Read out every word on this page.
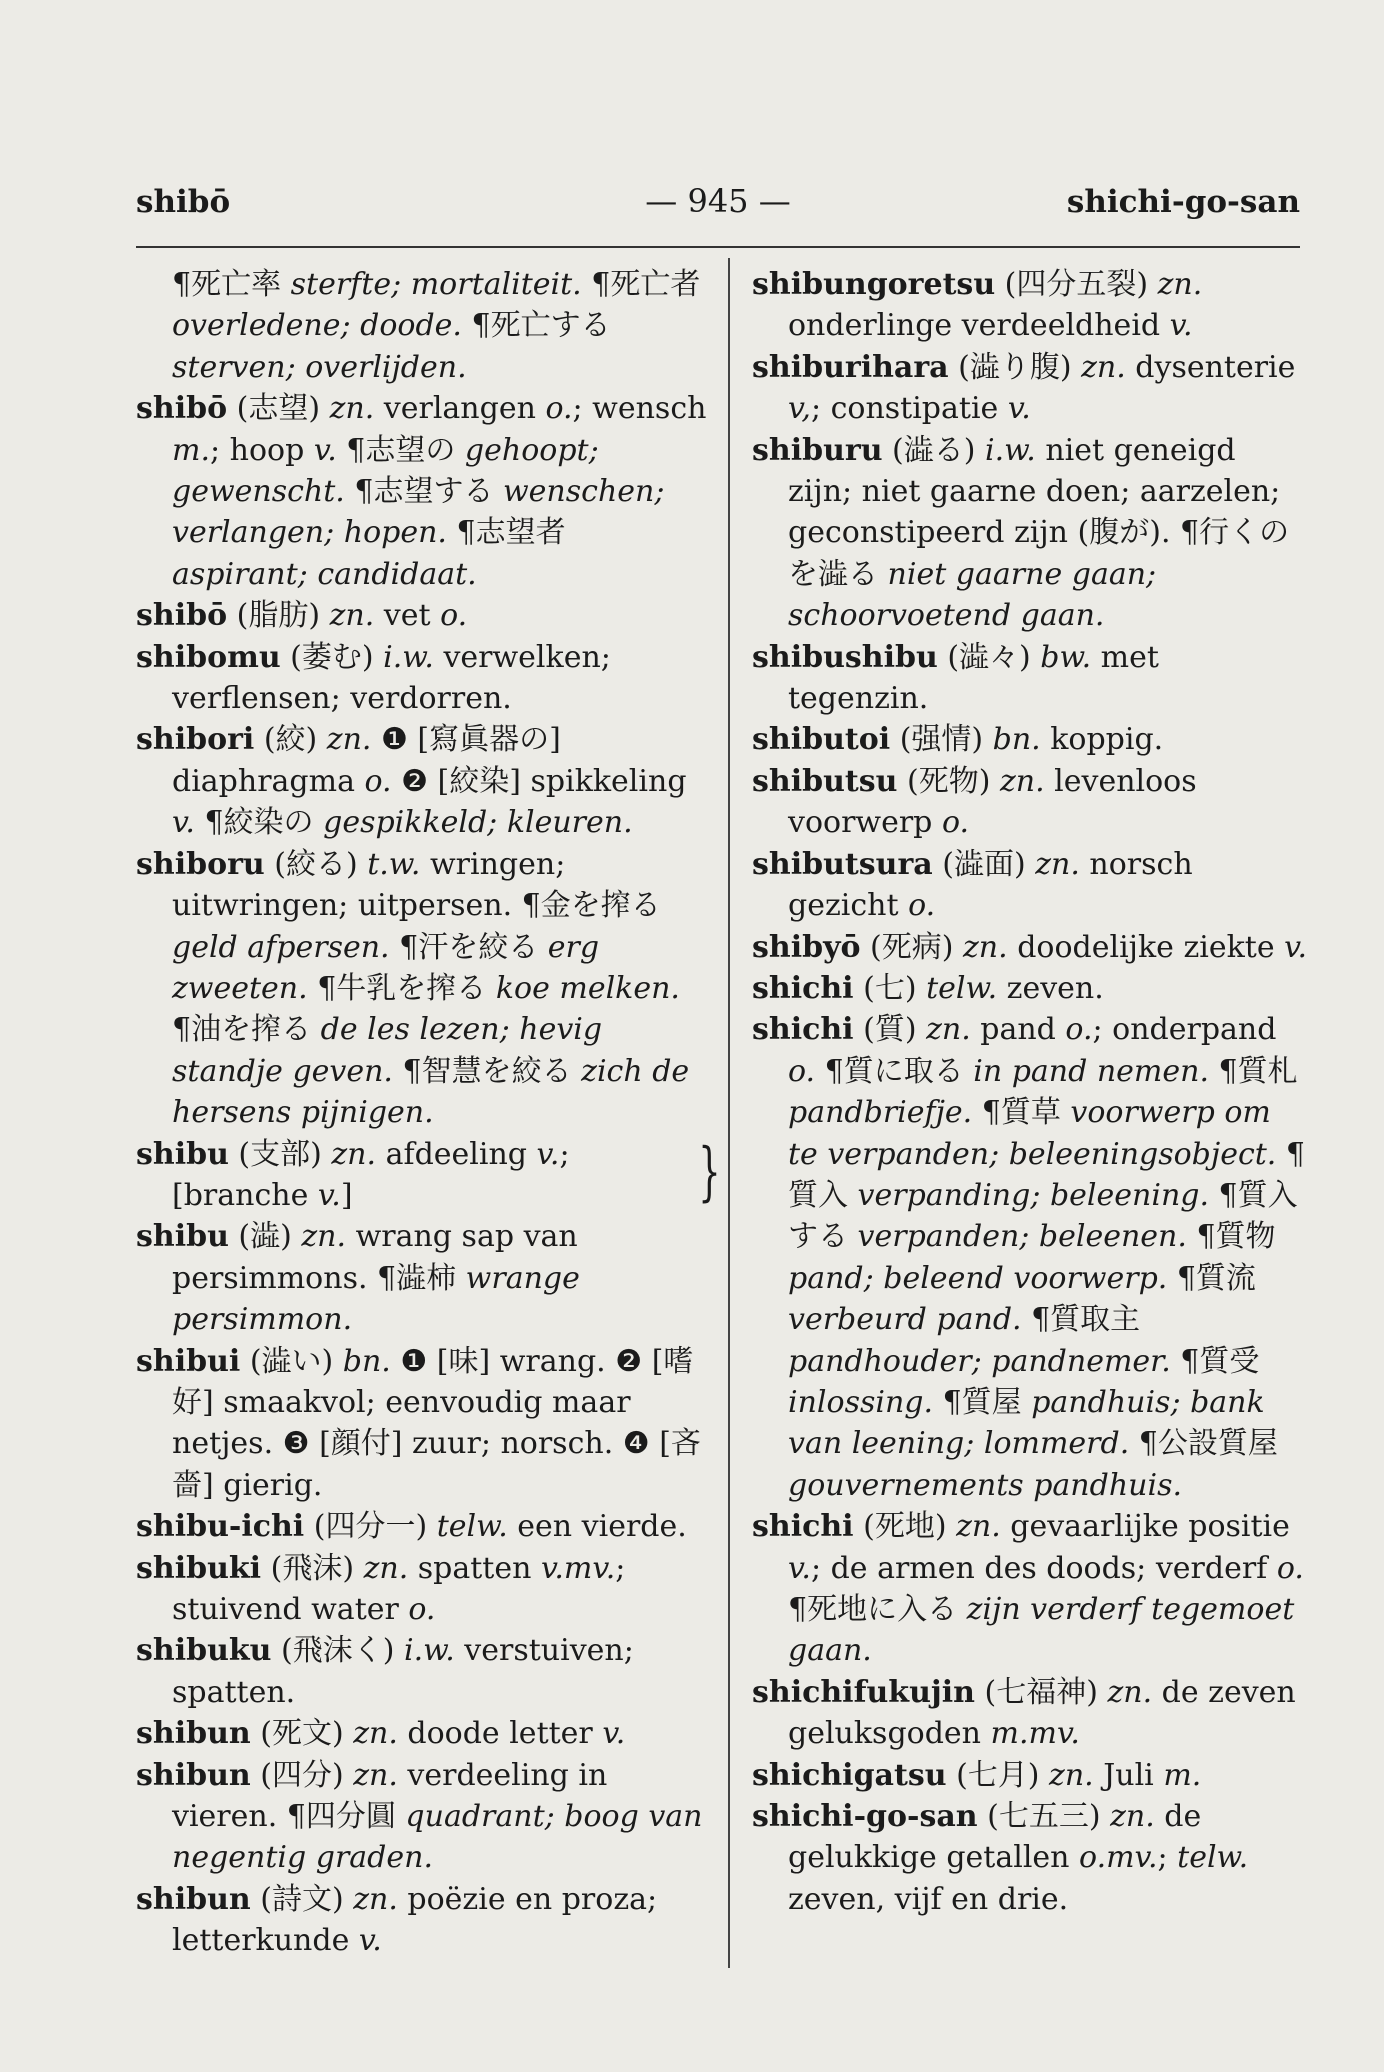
shibō	— 945 —	shichi-go-san

¶死亡率 sterfte; mortaliteit. ¶死亡者 overledene; doode. ¶死亡する sterven; overlijden.

shibō (志望) zn. verlangen o.; wensch m.; hoop v. ¶志望の gehoopt; gewenscht. ¶志望する wenschen; verlangen; hopen. ¶志望者 aspirant; candidaat.

shibō (脂肪) zn. vet o.

shibomu (萎む) i.w. verwelken; verflensen; verdorren.

shibori (絞) zn. ❶ [寫眞器の] diaphragma o. ❷ [絞染] spikkeling v. ¶絞染の gespikkeld; kleuren.

shiboru (絞る) t.w. wringen; uitwringen; uitpersen. ¶金を搾る geld afpersen. ¶汗を絞る erg zweeten. ¶牛乳を搾る koe melken. ¶油を搾る de les lezen; hevig standje geven. ¶智慧を絞る zich de hersens pijnigen.

shibu (支部) zn. afdeeling v.; [branche v.]	}

shibu (澁) zn. wrang sap van persimmons. ¶澁柿 wrange persimmon.

shibui (澁い) bn. ❶ [味] wrang. ❷ [嗜好] smaakvol; eenvoudig maar netjes. ❸ [顔付] zuur; norsch. ❹ [吝嗇] gierig.

shibu-ichi (四分一) telw. een vierde.

shibuki (飛沫) zn. spatten v.mv.; stuivend water o.

shibuku (飛沫く) i.w. verstuiven; spatten.

shibun (死文) zn. doode letter v.

shibun (四分) zn. verdeeling in vieren. ¶四分圓 quadrant; boog van negentig graden.

shibun (詩文) zn. poëzie en proza; letterkunde v.

shibungoretsu (四分五裂) zn. onderlinge verdeeldheid v.

shiburihara (澁り腹) zn. dysenterie v,; constipatie v.

shiburu (澁る) i.w. niet geneigd zijn; niet gaarne doen; aarzelen; geconstipeerd zijn (腹が). ¶行くのを澁る niet gaarne gaan; schoorvoetend gaan.

shibushibu (澁々) bw. met tegenzin.

shibutoi (强情) bn. koppig.

shibutsu (死物) zn. levenloos voorwerp o.

shibutsura (澁面) zn. norsch gezicht o.

shibyō (死病) zn. doodelijke ziekte v.

shichi (七) telw. zeven.

shichi (質) zn. pand o.; onderpand o. ¶質に取る in pand nemen. ¶質札 pandbriefje. ¶質草 voorwerp om te verpanden; beleeningsobject. ¶質入 verpanding; beleening. ¶質入する verpanden; beleenen. ¶質物 pand; beleend voorwerp. ¶質流 verbeurd pand. ¶質取主 pandhouder; pandnemer. ¶質受 inlossing. ¶質屋 pandhuis; bank van leening; lommerd. ¶公設質屋 gouvernements pandhuis.

shichi (死地) zn. gevaarlijke positie v.; de armen des doods; verderf o. ¶死地に入る zijn verderf tegemoet gaan.

shichifukujin (七福神) zn. de zeven geluksgoden m.mv.

shichigatsu (七月) zn. Juli m.

shichi-go-san (七五三) zn. de gelukkige getallen o.mv.; telw. zeven, vijf en drie.
